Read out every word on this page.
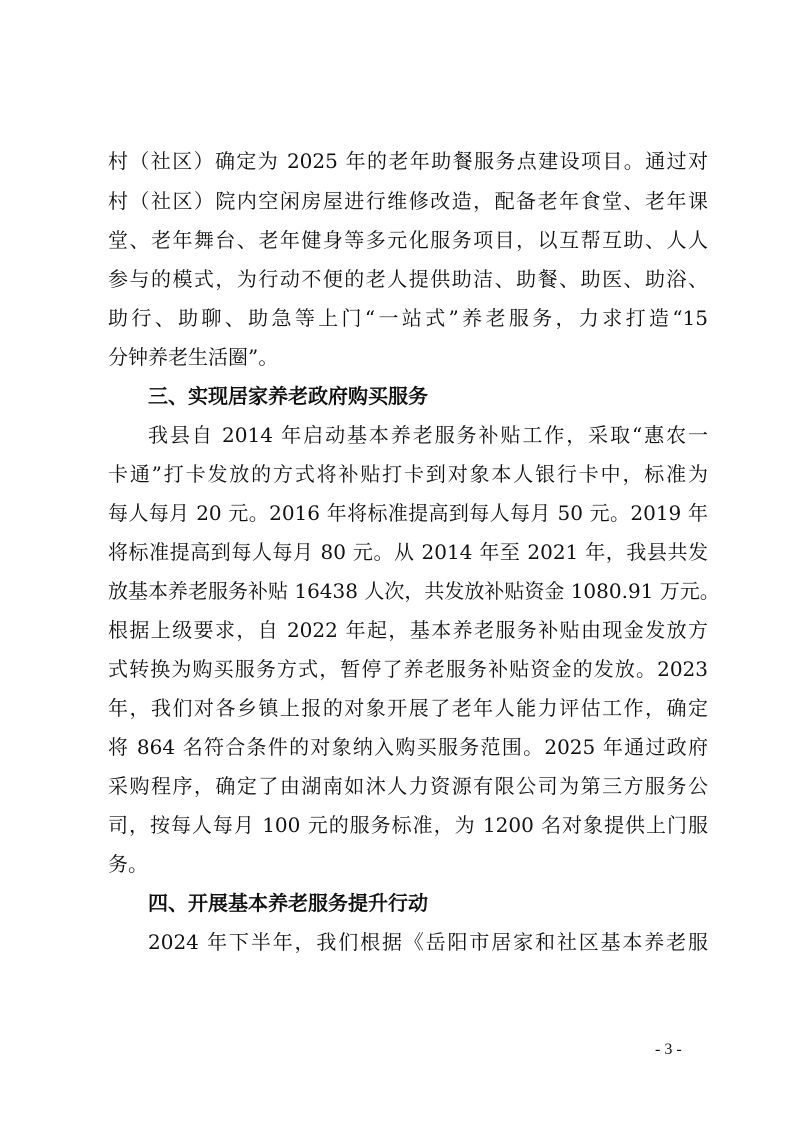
村（社区）确定为 2025 年的老年助餐服务点建设项目。通过对
村（社区）院内空闲房屋进行维修改造，配备老年食堂、老年课
堂、老年舞台、老年健身等多元化服务项目，以互帮互助、人人
参与的模式，为行动不便的老人提供助洁、助餐、助医、助浴、
助行、助聊、助急等上门“一站式”养老服务，力求打造“15
分钟养老生活圈”。
三、实现居家养老政府购买服务
我县自 2014 年启动基本养老服务补贴工作，采取“惠农一
卡通”打卡发放的方式将补贴打卡到对象本人银行卡中，标准为
每人每月 20 元。2016 年将标准提高到每人每月 50 元。2019 年
将标准提高到每人每月 80 元。从 2014 年至 2021 年，我县共发
放基本养老服务补贴 16438 人次，共发放补贴资金 1080.91 万元。
根据上级要求，自 2022 年起，基本养老服务补贴由现金发放方
式转换为购买服务方式，暂停了养老服务补贴资金的发放。2023
年，我们对各乡镇上报的对象开展了老年人能力评估工作，确定
将 864 名符合条件的对象纳入购买服务范围。2025 年通过政府
采购程序，确定了由湖南如沐人力资源有限公司为第三方服务公
司，按每人每月 100 元的服务标准，为 1200 名对象提供上门服
务。
四、开展基本养老服务提升行动
2024 年下半年，我们根据《岳阳市居家和社区基本养老服
- 3 -
